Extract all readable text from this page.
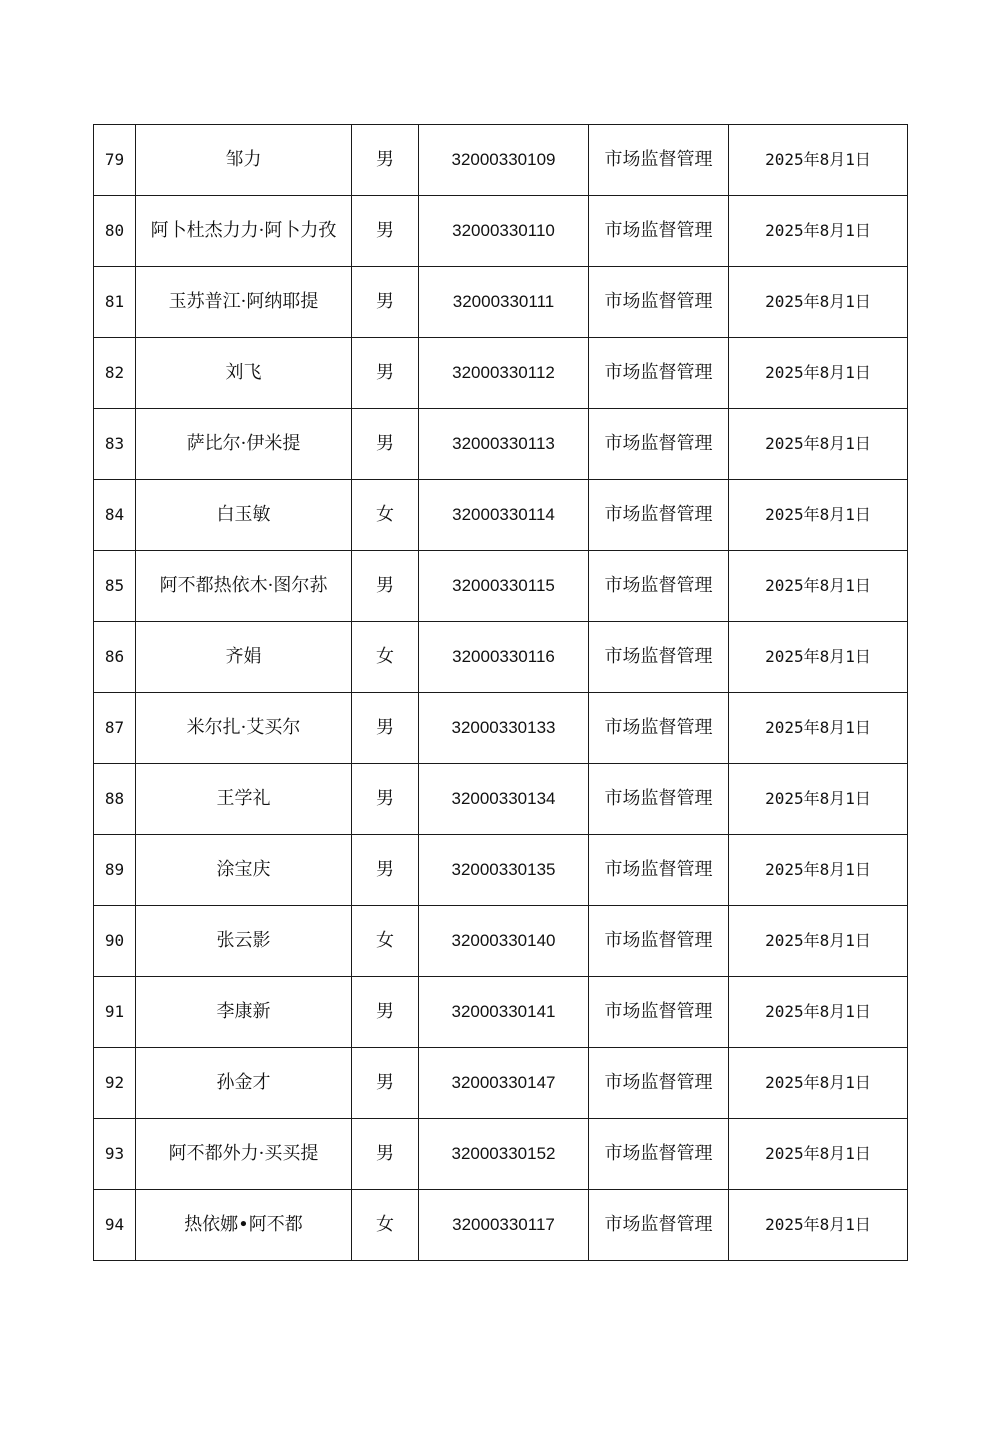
79	邹力	男	32000330109	市场监督管理	2025年8月1日
80	阿卜杜杰力力·阿卜力孜	男	32000330110	市场监督管理	2025年8月1日
81	玉苏普江·阿纳耶提	男	32000330111	市场监督管理	2025年8月1日
82	刘飞	男	32000330112	市场监督管理	2025年8月1日
83	萨比尔·伊米提	男	32000330113	市场监督管理	2025年8月1日
84	白玉敏	女	32000330114	市场监督管理	2025年8月1日
85	阿不都热依木·图尔荪	男	32000330115	市场监督管理	2025年8月1日
86	齐娟	女	32000330116	市场监督管理	2025年8月1日
87	米尔扎·艾买尔	男	32000330133	市场监督管理	2025年8月1日
88	王学礼	男	32000330134	市场监督管理	2025年8月1日
89	涂宝庆	男	32000330135	市场监督管理	2025年8月1日
90	张云影	女	32000330140	市场监督管理	2025年8月1日
91	李康新	男	32000330141	市场监督管理	2025年8月1日
92	孙金才	男	32000330147	市场监督管理	2025年8月1日
93	阿不都外力·买买提	男	32000330152	市场监督管理	2025年8月1日
94	热依娜•阿不都	女	32000330117	市场监督管理	2025年8月1日
